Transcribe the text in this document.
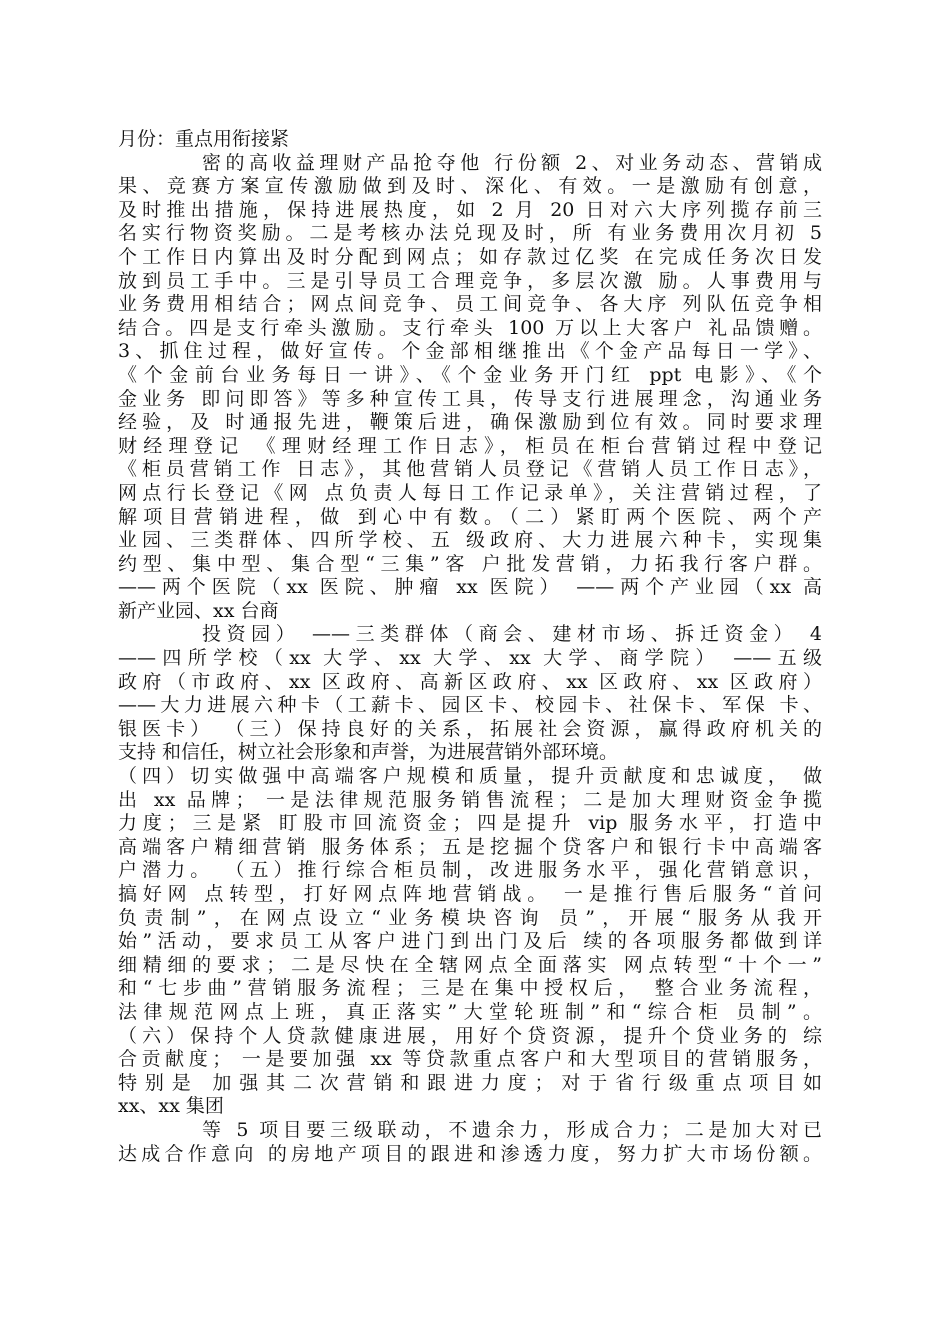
月份：重点用衔接紧
密的高收益理财产品抢夺他 行份额 2、对业务动态、营销成
果、竞赛方案宣传激励做到及时、深化、有效。一是激励有创意，
及时推出措施，保持进展热度，如 2 月 20 日对六大序列揽存前三
名实行物资奖励。二是考核办法兑现及时，所 有业务费用次月初 5
个工作日内算出及时分配到网点；如存款过亿奖 在完成任务次日发
放到员工手中。三是引导员工合理竞争，多层次激 励。人事费用与
业务费用相结合；网点间竞争、员工间竞争、各大序 列队伍竞争相
结合。四是支行牵头激励。支行牵头 100 万以上大客户 礼品馈赠。
3、抓住过程，做好宣传。个金部相继推出《个金产品每日一学》、
《个金前台业务每日一讲》、《个金业务开门红 ppt 电影》、《个
金业务 即问即答》等多种宣传工具，传导支行进展理念，沟通业务
经验，及 时通报先进，鞭策后进，确保激励到位有效。同时要求理
财经理登记 《理财经理工作日志》，柜员在柜台营销过程中登记
《柜员营销工作 日志》，其他营销人员登记《营销人员工作日志》，
网点行长登记《网 点负责人每日工作记录单》，关注营销过程，了
解项目营销进程，做 到心中有数。（二）紧盯两个医院、两个产
业园、三类群体、四所学校、五 级政府、大力进展六种卡，实现集
约型、集中型、集合型“三集”客 户批发营销，力拓我行客户群。
——两个医院（xx 医院、肿瘤 xx 医院） ——两个产业园（xx 高
新产业园、xx 台商
投资园） ——三类群体（商会、建材市场、拆迁资金） 4
——四所学校（xx 大学、xx 大学、xx 大学、商学院） ——五级
政府（市政府、xx 区政府、高新区政府、xx 区政府、xx 区政府）
——大力进展六种卡（工薪卡、园区卡、校园卡、社保卡、军保 卡、
银医卡） （三）保持良好的关系，拓展社会资源，赢得政府机关的
支持 和信任，树立社会形象和声誉，为进展营销外部环境。
（四）切实做强中高端客户规模和质量，提升贡献度和忠诚度， 做
出 xx 品牌； 一是法律规范服务销售流程；二是加大理财资金争揽
力度；三是紧 盯股市回流资金；四是提升 vip 服务水平，打造中
高端客户精细营销 服务体系；五是挖掘个贷客户和银行卡中高端客
户潜力。 （五）推行综合柜员制，改进服务水平，强化营销意识，
搞好网 点转型，打好网点阵地营销战。 一是推行售后服务“首问
负责制”，在网点设立“业务模块咨询 员”，开展“服务从我开
始”活动，要求员工从客户进门到出门及后 续的各项服务都做到详
细精细的要求；二是尽快在全辖网点全面落实 网点转型“十个一”
和“七步曲”营销服务流程；三是在集中授权后， 整合业务流程，
法律规范网点上班，真正落实”大堂轮班制”和“综合柜 员制”。
（六）保持个人贷款健康进展，用好个贷资源，提升个贷业务的 综
合贡献度； 一是要加强 xx 等贷款重点客户和大型项目的营销服务，
特别是 加强其二次营销和跟进力度；对于省行级重点项目如
xx、xx 集团
等 5 项目要三级联动，不遗余力，形成合力；二是加大对已
达成合作意向 的房地产项目的跟进和渗透力度，努力扩大市场份额。
